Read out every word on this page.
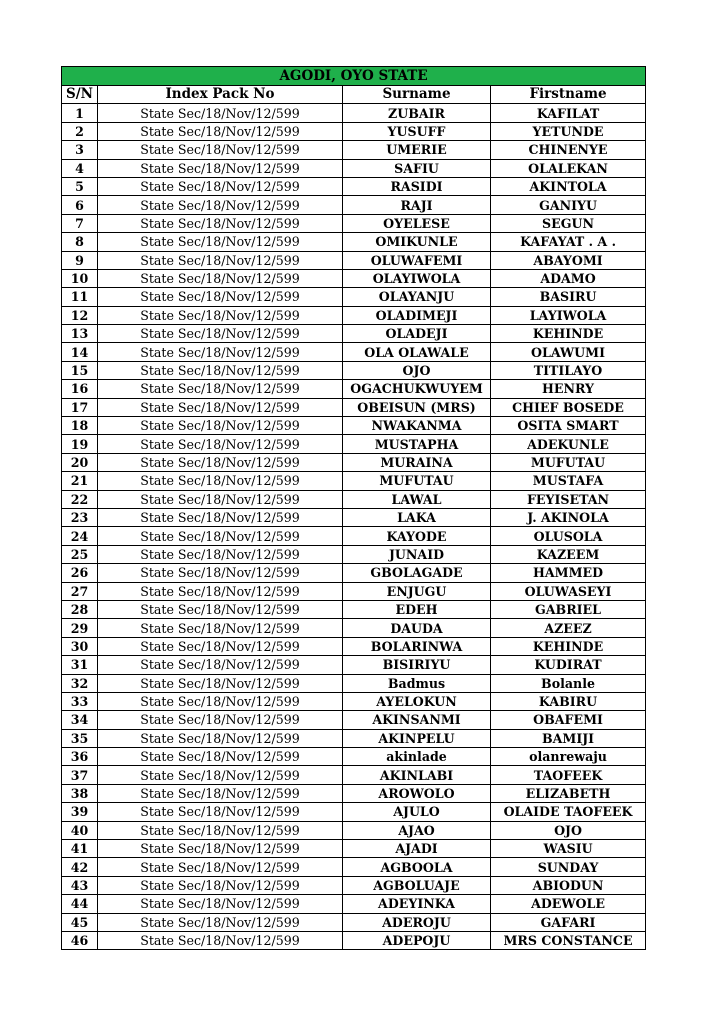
AGODI, OYO STATE			
S/N	Index Pack No	Surname	Firstname
1	State Sec/18/Nov/12/599	ZUBAIR	KAFILAT
2	State Sec/18/Nov/12/599	YUSUFF	YETUNDE
3	State Sec/18/Nov/12/599	UMERIE	CHINENYE
4	State Sec/18/Nov/12/599	SAFIU	OLALEKAN
5	State Sec/18/Nov/12/599	RASIDI	AKINTOLA
6	State Sec/18/Nov/12/599	RAJI	GANIYU
7	State Sec/18/Nov/12/599	OYELESE	SEGUN
8	State Sec/18/Nov/12/599	OMIKUNLE	KAFAYAT . A .
9	State Sec/18/Nov/12/599	OLUWAFEMI	ABAYOMI
10	State Sec/18/Nov/12/599	OLAYIWOLA	ADAMO
11	State Sec/18/Nov/12/599	OLAYANJU	BASIRU
12	State Sec/18/Nov/12/599	OLADIMEJI	LAYIWOLA
13	State Sec/18/Nov/12/599	OLADEJI	KEHINDE
14	State Sec/18/Nov/12/599	OLA OLAWALE	OLAWUMI
15	State Sec/18/Nov/12/599	OJO	TITILAYO
16	State Sec/18/Nov/12/599	OGACHUKWUYEM	HENRY
17	State Sec/18/Nov/12/599	OBEISUN (MRS)	CHIEF BOSEDE
18	State Sec/18/Nov/12/599	NWAKANMA	OSITA SMART
19	State Sec/18/Nov/12/599	MUSTAPHA	ADEKUNLE
20	State Sec/18/Nov/12/599	MURAINA	MUFUTAU
21	State Sec/18/Nov/12/599	MUFUTAU	MUSTAFA
22	State Sec/18/Nov/12/599	LAWAL	FEYISETAN
23	State Sec/18/Nov/12/599	LAKA	J. AKINOLA
24	State Sec/18/Nov/12/599	KAYODE	OLUSOLA
25	State Sec/18/Nov/12/599	JUNAID	KAZEEM
26	State Sec/18/Nov/12/599	GBOLAGADE	HAMMED
27	State Sec/18/Nov/12/599	ENJUGU	OLUWASEYI
28	State Sec/18/Nov/12/599	EDEH	GABRIEL
29	State Sec/18/Nov/12/599	DAUDA	AZEEZ
30	State Sec/18/Nov/12/599	BOLARINWA	KEHINDE
31	State Sec/18/Nov/12/599	BISIRIYU	KUDIRAT
32	State Sec/18/Nov/12/599	Badmus	Bolanle
33	State Sec/18/Nov/12/599	AYELOKUN	KABIRU
34	State Sec/18/Nov/12/599	AKINSANMI	OBAFEMI
35	State Sec/18/Nov/12/599	AKINPELU	BAMIJI
36	State Sec/18/Nov/12/599	akinlade	olanrewaju
37	State Sec/18/Nov/12/599	AKINLABI	TAOFEEK
38	State Sec/18/Nov/12/599	AROWOLO	ELIZABETH
39	State Sec/18/Nov/12/599	AJULO	OLAIDE TAOFEEK
40	State Sec/18/Nov/12/599	AJAO	OJO
41	State Sec/18/Nov/12/599	AJADI	WASIU
42	State Sec/18/Nov/12/599	AGBOOLA	SUNDAY
43	State Sec/18/Nov/12/599	AGBOLUAJE	ABIODUN
44	State Sec/18/Nov/12/599	ADEYINKA	ADEWOLE
45	State Sec/18/Nov/12/599	ADEROJU	GAFARI
46	State Sec/18/Nov/12/599	ADEPOJU	MRS CONSTANCE
